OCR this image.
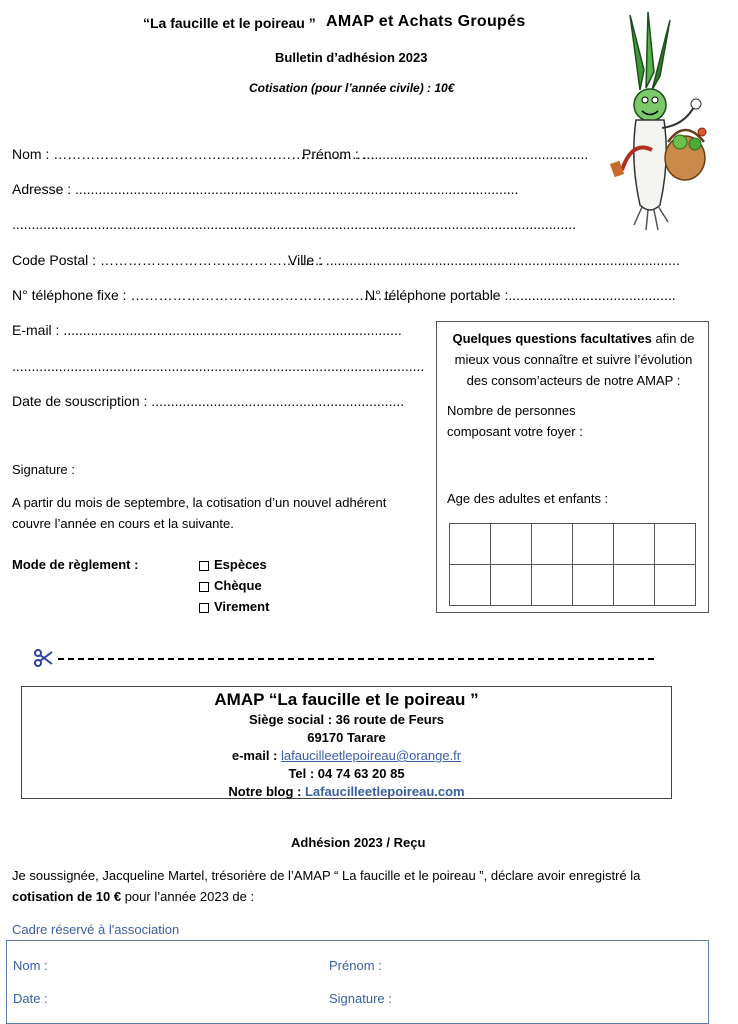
“La faucille et le poireau ” AMAP et Achats Groupés
Bulletin d’adhésion 2023
Cotisation (pour l’année civile) : 10€
Nom : ……………………………………………………………
Prénom : ..........................................................
Adresse : ..................................................................................................................
.................................................................................................................................................
Code Postal : …………………………………………
Ville : ...........................................................................................
N° téléphone fixe : ………………………………………………….
N° téléphone portable :...........................................
E-mail : .......................................................................................
..........................................................................................................
Date de souscription : .................................................................
Signature :
A partir du mois de septembre, la cotisation d’un nouvel adhérent
couvre l’année en cours et la suivante.
Mode de règlement :	Espèces
Chèque
Virement
Quelques questions facultatives afin de mieux vous connaître et suivre l’évolution des consom’acteurs de notre AMAP :
Nombre de personnes
composant votre foyer :
Age des adultes et enfants :

AMAP “La faucille et le poireau ”
Siège social : 36 route de Feurs
69170 Tarare
e-mail : lafaucilleetlepoireau@orange.fr
Tel : 04 74 63 20 85
Notre blog : Lafaucilleetlepoireau.com
Adhésion 2023 / Reçu
Je soussignée, Jacqueline Martel, trésorière de l’AMAP “ La faucille et le poireau ”, déclare avoir enregistré la
cotisation de 10 € pour l’année 2023 de :
Cadre réservé à l'association
Nom :	Prénom :
Date :	Signature :
